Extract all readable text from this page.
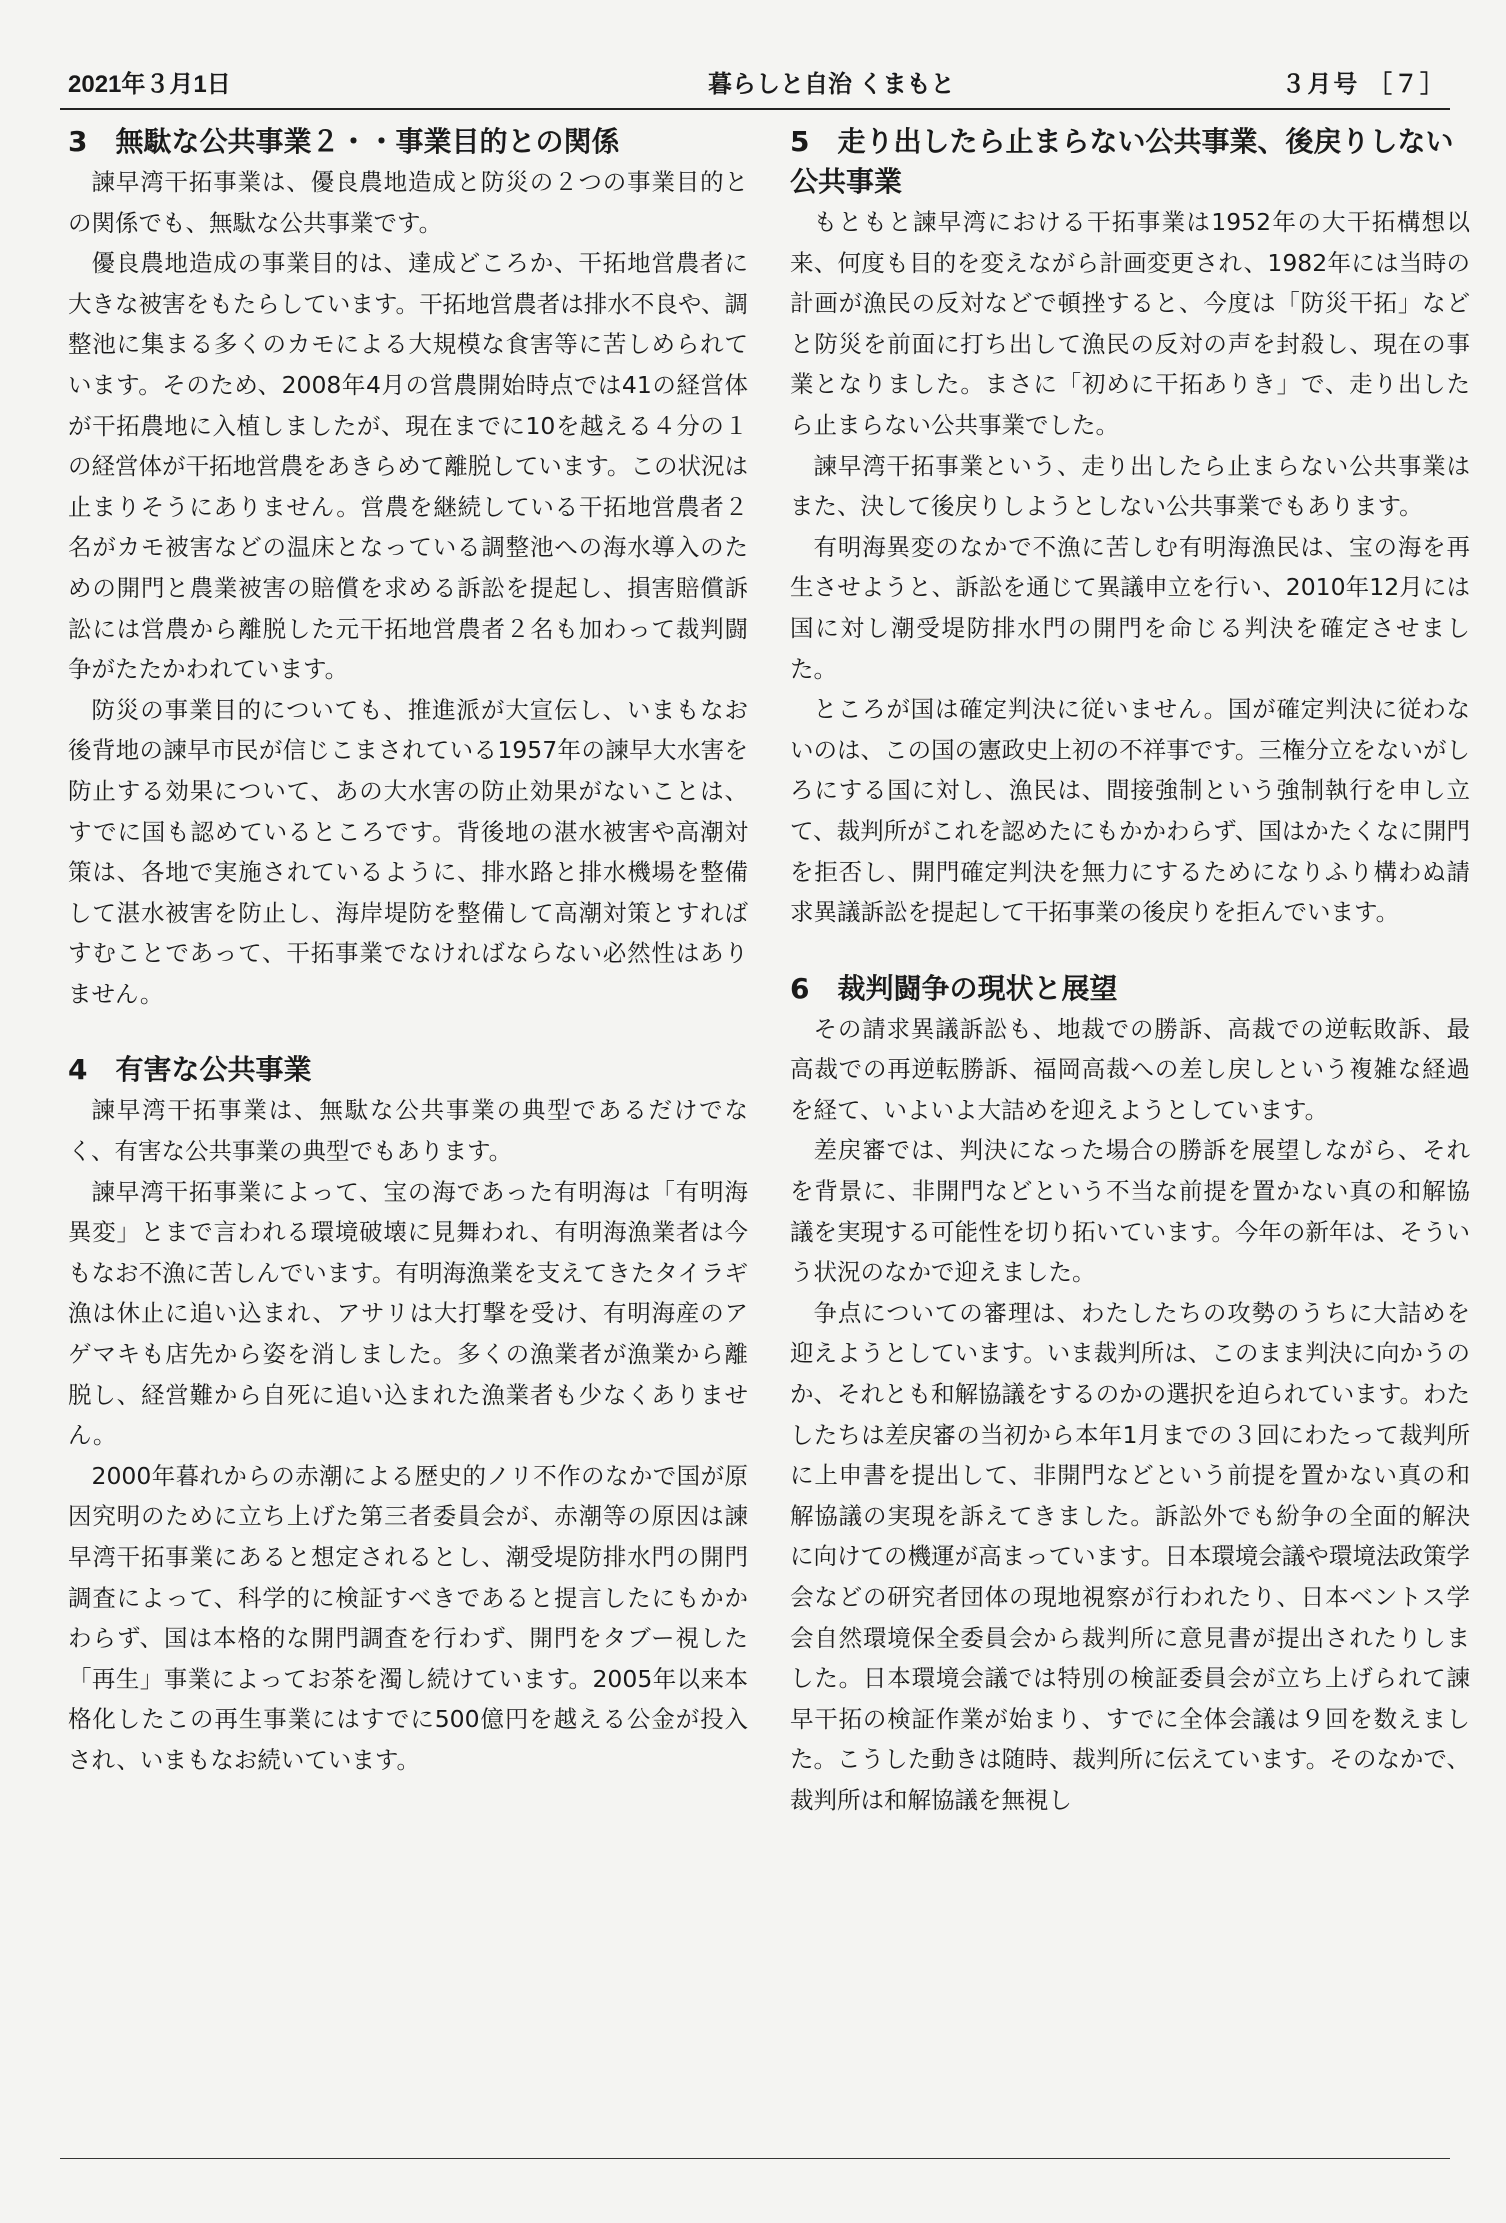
2021年３月1日	暮らしと自治 くまもと	３月号 ［７］
3 無駄な公共事業２・・事業目的との関係

諫早湾干拓事業は、優良農地造成と防災の２つの事業目的との関係でも、無駄な公共事業です。

優良農地造成の事業目的は、達成どころか、干拓地営農者に大きな被害をもたらしています。干拓地営農者は排水不良や、調整池に集まる多くのカモによる大規模な食害等に苦しめられています。そのため、2008年4月の営農開始時点では41の経営体が干拓農地に入植しましたが、現在までに10を越える４分の１の経営体が干拓地営農をあきらめて離脱しています。この状況は止まりそうにありません。営農を継続している干拓地営農者２名がカモ被害などの温床となっている調整池への海水導入のための開門と農業被害の賠償を求める訴訟を提起し、損害賠償訴訟には営農から離脱した元干拓地営農者２名も加わって裁判闘争がたたかわれています。

防災の事業目的についても、推進派が大宣伝し、いまもなお後背地の諫早市民が信じこまされている1957年の諫早大水害を防止する効果について、あの大水害の防止効果がないことは、すでに国も認めているところです。背後地の湛水被害や高潮対策は、各地で実施されているように、排水路と排水機場を整備して湛水被害を防止し、海岸堤防を整備して高潮対策とすればすむことであって、干拓事業でなければならない必然性はありません。

4 有害な公共事業

諫早湾干拓事業は、無駄な公共事業の典型であるだけでなく、有害な公共事業の典型でもあります。

諫早湾干拓事業によって、宝の海であった有明海は「有明海異変」とまで言われる環境破壊に見舞われ、有明海漁業者は今もなお不漁に苦しんでいます。有明海漁業を支えてきたタイラギ漁は休止に追い込まれ、アサリは大打撃を受け、有明海産のアゲマキも店先から姿を消しました。多くの漁業者が漁業から離脱し、経営難から自死に追い込まれた漁業者も少なくありません。

2000年暮れからの赤潮による歴史的ノリ不作のなかで国が原因究明のために立ち上げた第三者委員会が、赤潮等の原因は諫早湾干拓事業にあると想定されるとし、潮受堤防排水門の開門調査によって、科学的に検証すべきであると提言したにもかかわらず、国は本格的な開門調査を行わず、開門をタブー視した「再生」事業によってお茶を濁し続けています。2005年以来本格化したこの再生事業にはすでに500億円を越える公金が投入され、いまもなお続いています。

5 走り出したら止まらない公共事業、後戻りしない公共事業

もともと諫早湾における干拓事業は1952年の大干拓構想以来、何度も目的を変えながら計画変更され、1982年には当時の計画が漁民の反対などで頓挫すると、今度は「防災干拓」などと防災を前面に打ち出して漁民の反対の声を封殺し、現在の事業となりました。まさに「初めに干拓ありき」で、走り出したら止まらない公共事業でした。

諫早湾干拓事業という、走り出したら止まらない公共事業はまた、決して後戻りしようとしない公共事業でもあります。

有明海異変のなかで不漁に苦しむ有明海漁民は、宝の海を再生させようと、訴訟を通じて異議申立を行い、2010年12月には国に対し潮受堤防排水門の開門を命じる判決を確定させました。

ところが国は確定判決に従いません。国が確定判決に従わないのは、この国の憲政史上初の不祥事です。三権分立をないがしろにする国に対し、漁民は、間接強制という強制執行を申し立て、裁判所がこれを認めたにもかかわらず、国はかたくなに開門を拒否し、開門確定判決を無力にするためになりふり構わぬ請求異議訴訟を提起して干拓事業の後戻りを拒んでいます。

6 裁判闘争の現状と展望

その請求異議訴訟も、地裁での勝訴、高裁での逆転敗訴、最高裁での再逆転勝訴、福岡高裁への差し戻しという複雑な経過を経て、いよいよ大詰めを迎えようとしています。

差戻審では、判決になった場合の勝訴を展望しながら、それを背景に、非開門などという不当な前提を置かない真の和解協議を実現する可能性を切り拓いています。今年の新年は、そういう状況のなかで迎えました。

争点についての審理は、わたしたちの攻勢のうちに大詰めを迎えようとしています。いま裁判所は、このまま判決に向かうのか、それとも和解協議をするのかの選択を迫られています。わたしたちは差戻審の当初から本年1月までの３回にわたって裁判所に上申書を提出して、非開門などという前提を置かない真の和解協議の実現を訴えてきました。訴訟外でも紛争の全面的解決に向けての機運が高まっています。日本環境会議や環境法政策学会などの研究者団体の現地視察が行われたり、日本ベントス学会自然環境保全委員会から裁判所に意見書が提出されたりしました。日本環境会議では特別の検証委員会が立ち上げられて諫早干拓の検証作業が始まり、すでに全体会議は９回を数えました。こうした動きは随時、裁判所に伝えています。そのなかで、裁判所は和解協議を無視し
